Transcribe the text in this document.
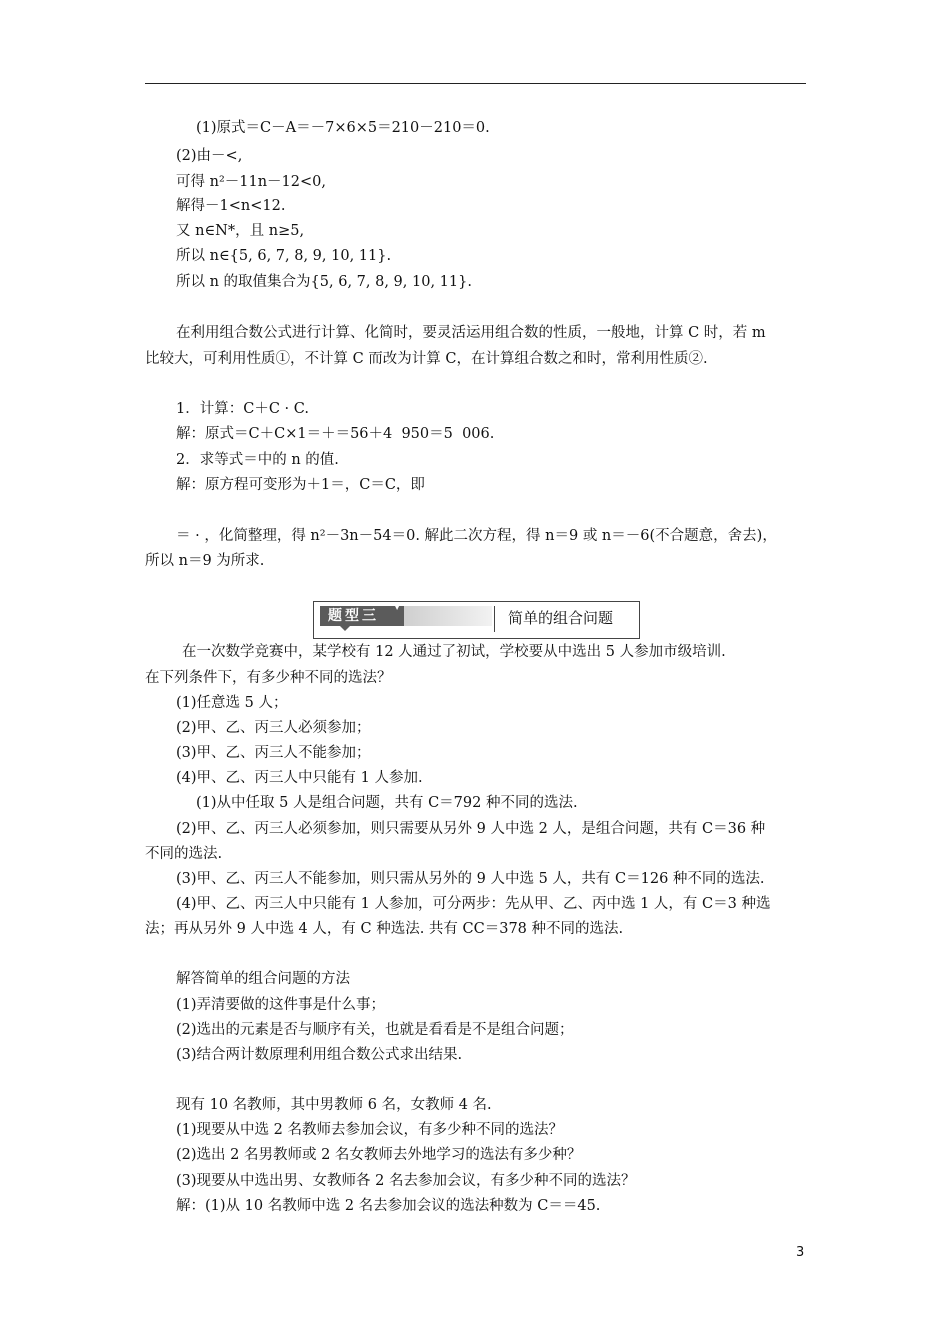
(1)原式＝C－A＝－7×6×5＝210－210＝0.
(2)由－<,
可得 n²－11n－12<0,
解得－1<n<12.
又 n∈N*，且 n≥5,
所以 n∈{5, 6, 7, 8, 9, 10, 11}.
所以 n 的取值集合为{5, 6, 7, 8, 9, 10, 11}.
在利用组合数公式进行计算、化简时，要灵活运用组合数的性质，一般地，计算 C 时，若 m
比较大，可利用性质①，不计算 C 而改为计算 C，在计算组合数之和时，常利用性质②.
1．计算：C＋C · C.
解：原式＝C＋C×1＝＋＝56＋4  950＝5  006.
2．求等式＝中的 n 的值.
解：原方程可变形为＋1＝，C＝C，即
＝ · ，化简整理，得 n²－3n－54＝0. 解此二次方程，得 n＝9 或 n＝－6(不合题意，舍去)，
所以 n＝9 为所求.
题型三
▼
简单的组合问题
在一次数学竞赛中，某学校有 12 人通过了初试，学校要从中选出 5 人参加市级培训.
在下列条件下，有多少种不同的选法？
(1)任意选 5 人；
(2)甲、乙、丙三人必须参加；
(3)甲、乙、丙三人不能参加；
(4)甲、乙、丙三人中只能有 1 人参加.
(1)从中任取 5 人是组合问题，共有 C＝792 种不同的选法.
(2)甲、乙、丙三人必须参加，则只需要从另外 9 人中选 2 人，是组合问题，共有 C＝36 种
不同的选法.
(3)甲、乙、丙三人不能参加，则只需从另外的 9 人中选 5 人，共有 C＝126 种不同的选法.
(4)甲、乙、丙三人中只能有 1 人参加，可分两步：先从甲、乙、丙中选 1 人，有 C＝3 种选
法；再从另外 9 人中选 4 人，有 C 种选法. 共有 CC＝378 种不同的选法.
解答简单的组合问题的方法
(1)弄清要做的这件事是什么事；
(2)选出的元素是否与顺序有关，也就是看看是不是组合问题；
(3)结合两计数原理利用组合数公式求出结果.
现有 10 名教师，其中男教师 6 名，女教师 4 名.
(1)现要从中选 2 名教师去参加会议，有多少种不同的选法？
(2)选出 2 名男教师或 2 名女教师去外地学习的选法有多少种？
(3)现要从中选出男、女教师各 2 名去参加会议，有多少种不同的选法？
解：(1)从 10 名教师中选 2 名去参加会议的选法种数为 C＝＝45.
3
